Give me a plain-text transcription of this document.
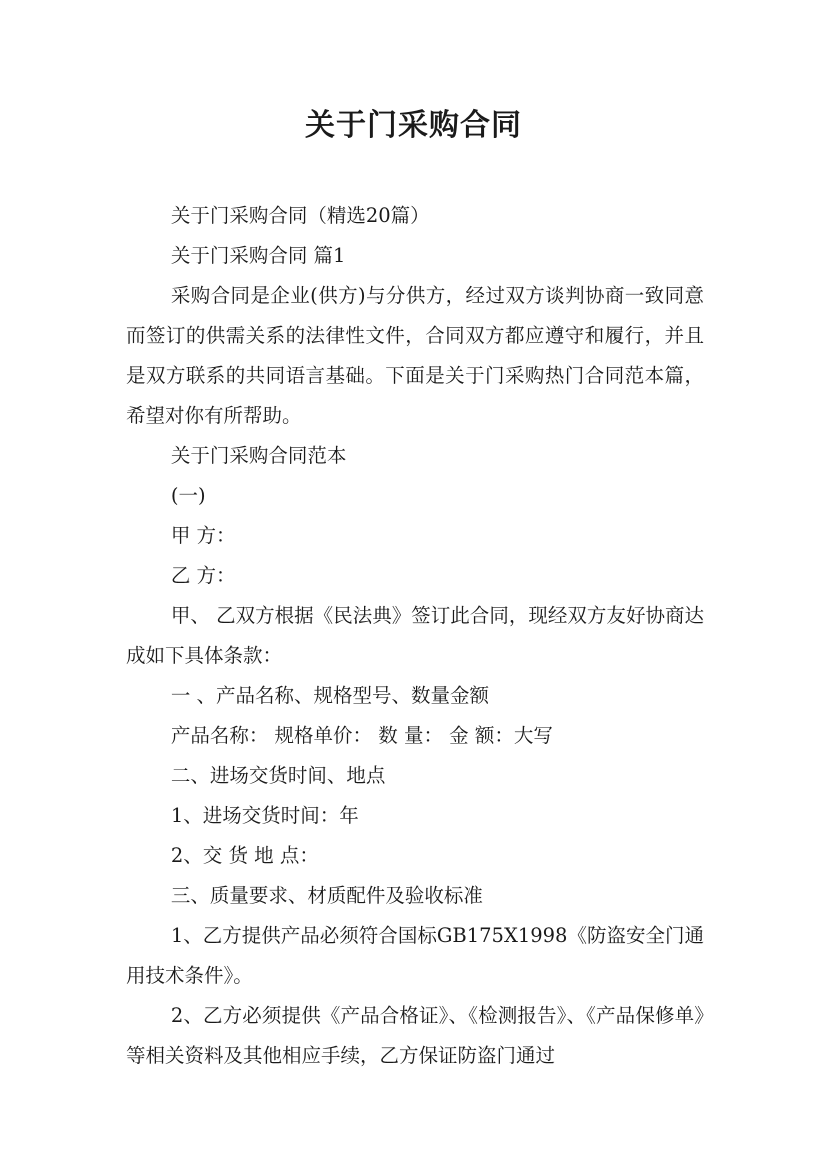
关于门采购合同

关于门采购合同（精选20篇）

关于门采购合同 篇1

采购合同是企业(供方)与分供方，经过双方谈判协商一致同意而签订的供需关系的法律性文件，合同双方都应遵守和履行，并且是双方联系的共同语言基础。下面是关于门采购热门合同范本篇，希望对你有所帮助。

关于门采购合同范本

(一)

甲 方：

乙 方：

甲、 乙双方根据《民法典》签订此合同，现经双方友好协商达成如下具体条款：

一 、产品名称、规格型号、数量金额

产品名称： 规格单价： 数 量： 金 额：大写

二、进场交货时间、地点

1、进场交货时间：年

2、交 货 地 点：

三、质量要求、材质配件及验收标准

1、乙方提供产品必须符合国标GB175X1998《防盗安全门通用技术条件》。

2、乙方必须提供《产品合格证》、《检测报告》、《产品保修单》等相关资料及其他相应手续，乙方保证防盗门通过
